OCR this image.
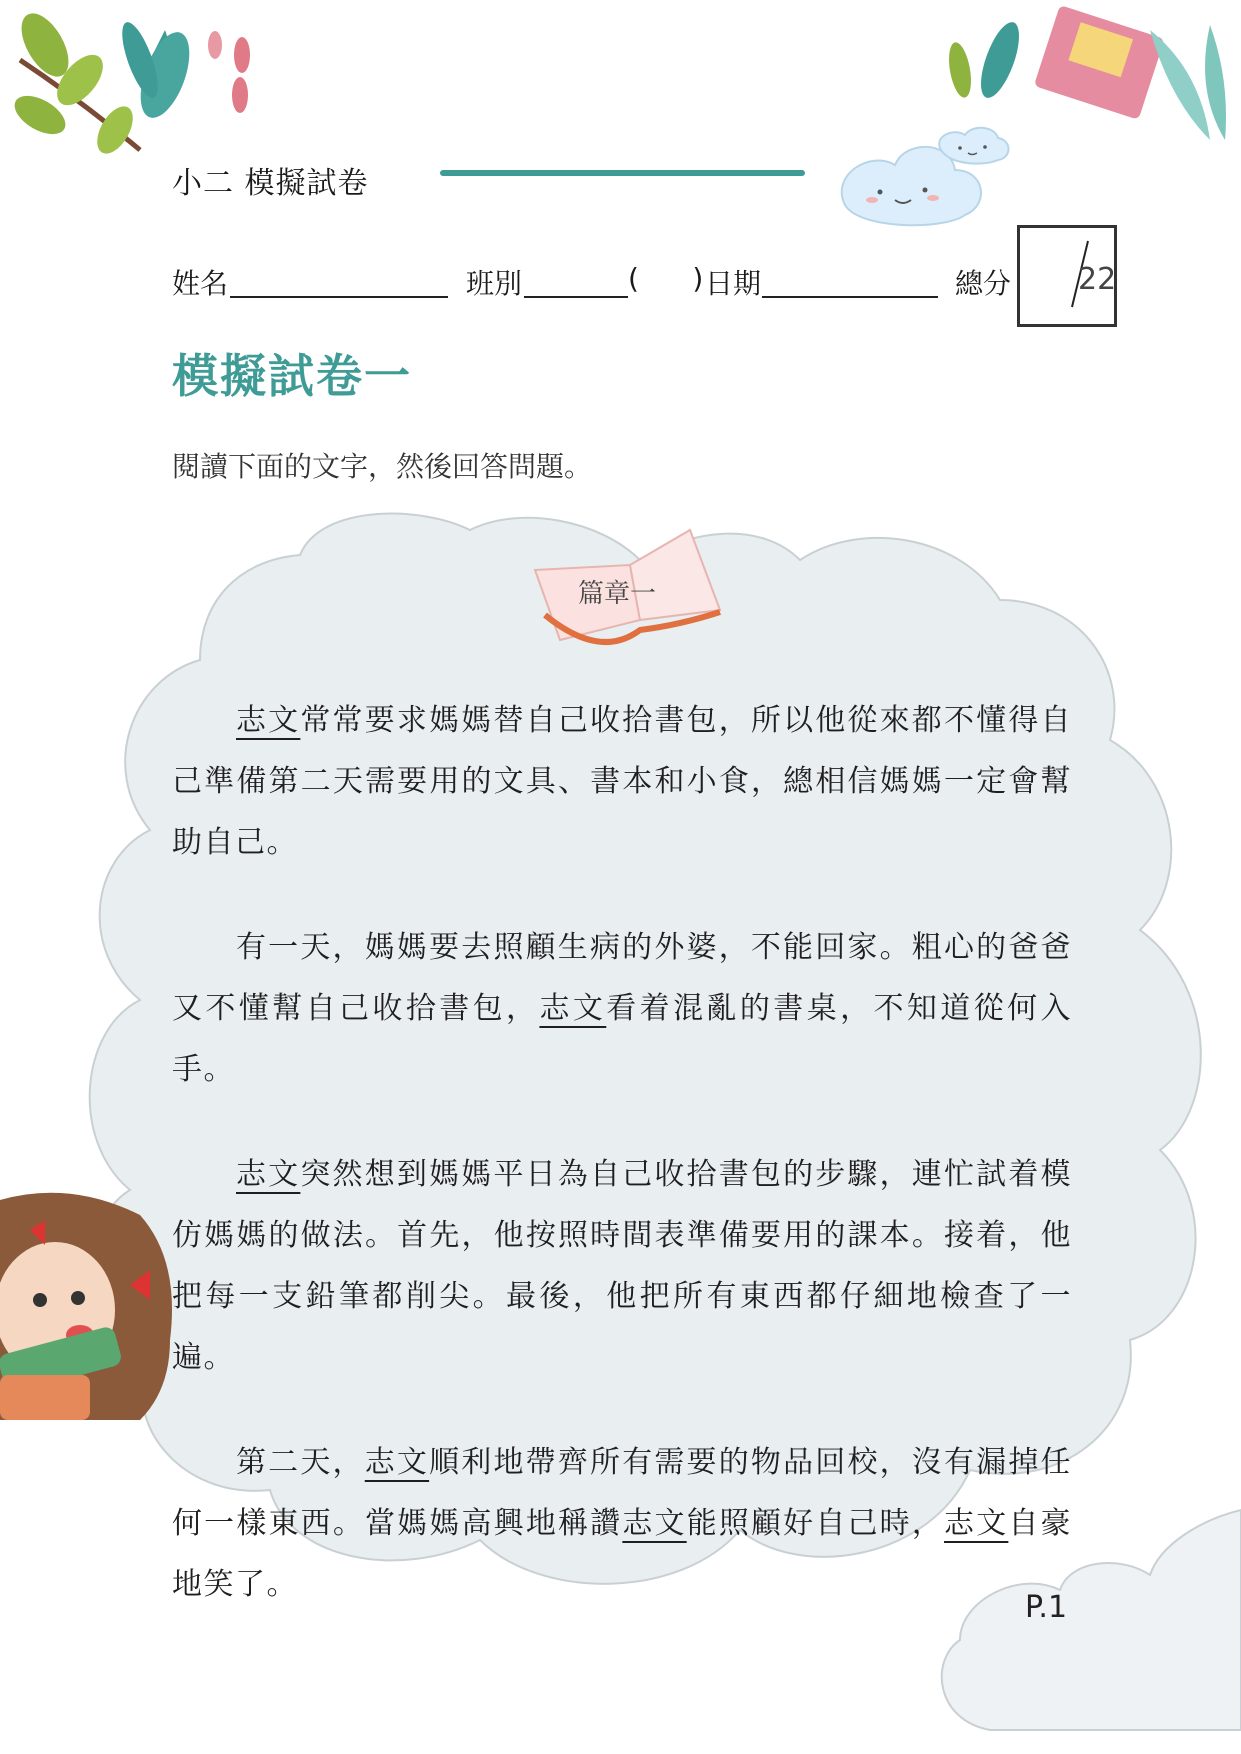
小二 模擬試卷
姓名	班別	(      ) 日期	總分 22
模擬試卷一
閱讀下面的文字，然後回答問題。
篇章一

志文常常要求媽媽替自己收拾書包，所以他從來都不懂得自己準備第二天需要用的文具、書本和小食，總相信媽媽一定會幫助自己。

有一天，媽媽要去照顧生病的外婆，不能回家。粗心的爸爸又不懂幫自己收拾書包，志文看着混亂的書桌，不知道從何入手。

志文突然想到媽媽平日為自己收拾書包的步驟，連忙試着模仿媽媽的做法。首先，他按照時間表準備要用的課本。接着，他把每一支鉛筆都削尖。最後，他把所有東西都仔細地檢查了一遍。

第二天，志文順利地帶齊所有需要的物品回校，沒有漏掉任何一樣東西。當媽媽高興地稱讚志文能照顧好自己時，志文自豪地笑了。

P.1
